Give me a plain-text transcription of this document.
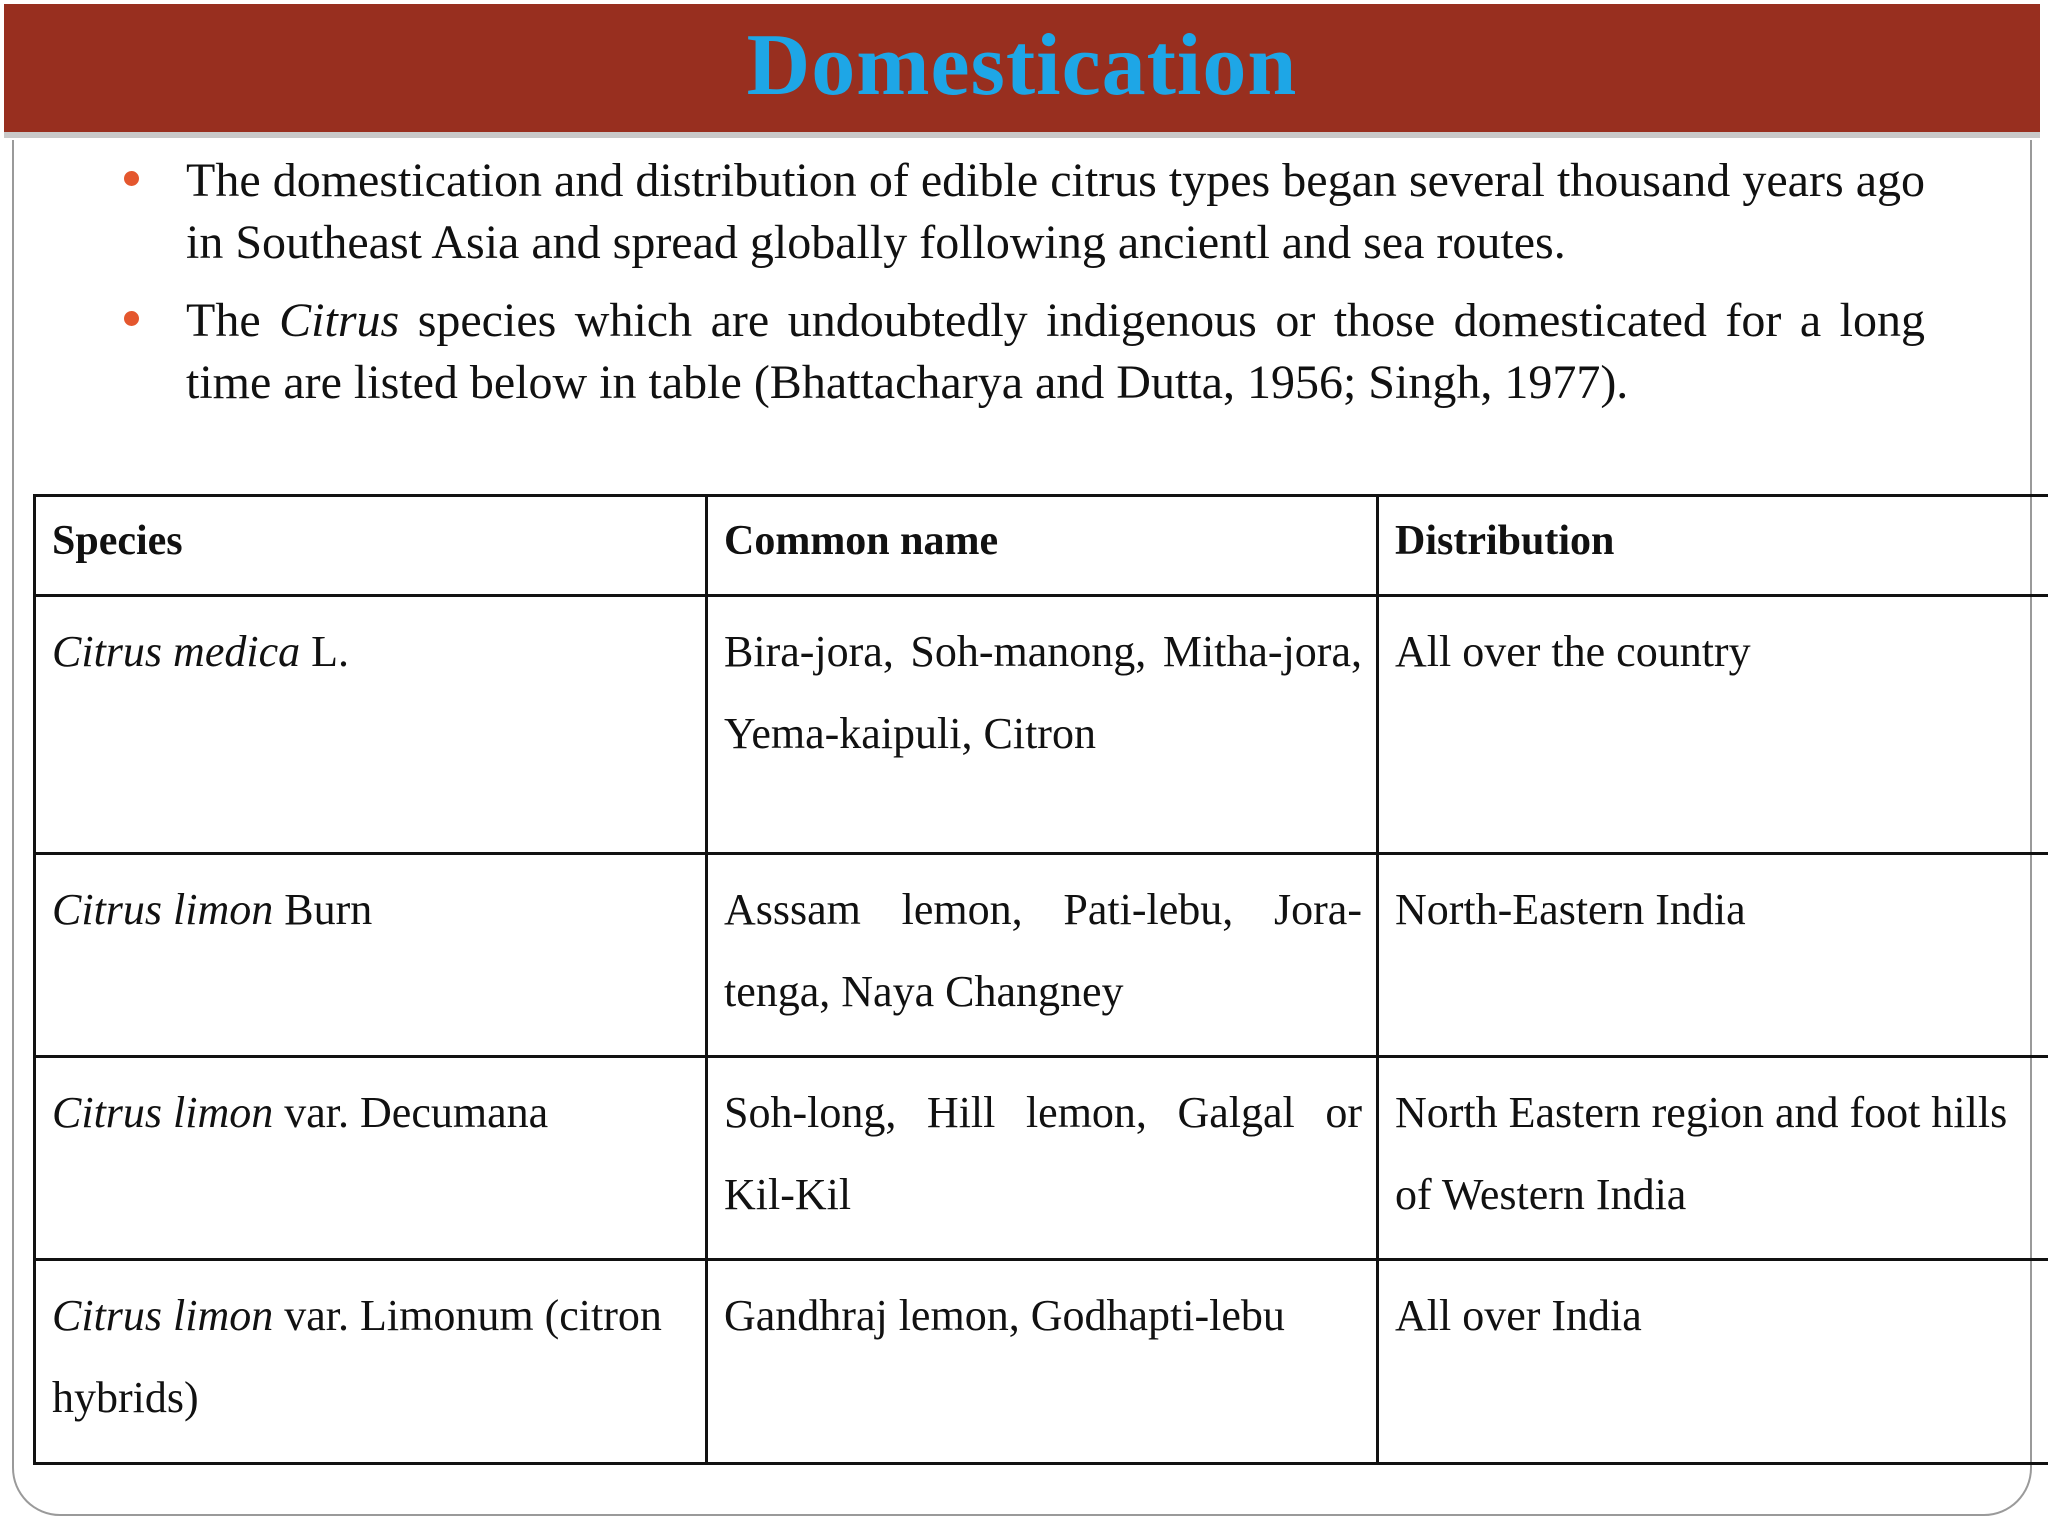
Domestication
The domestication and distribution of edible citrus types began several thousand years ago in Southeast Asia and spread globally following ancientl and sea routes.
The Citrus species which are undoubtedly indigenous or those domesticated for a long time are listed below in table (Bhattacharya and Dutta, 1956; Singh, 1977).
Species	Common name	Distribution
Citrus medica L.	Bira-jora, Soh-manong, Mitha-jora, Yema-kaipuli, Citron	All over the country
Citrus limon Burn	Asssam lemon, Pati-lebu, Jora-tenga, Naya Changney	North-Eastern India
Citrus limon var. Decumana	Soh-long, Hill lemon, Galgal or Kil-Kil	North Eastern region and foot hills of Western India
Citrus limon var. Limonum (citron hybrids)	Gandhraj lemon, Godhapti-lebu	All over India
